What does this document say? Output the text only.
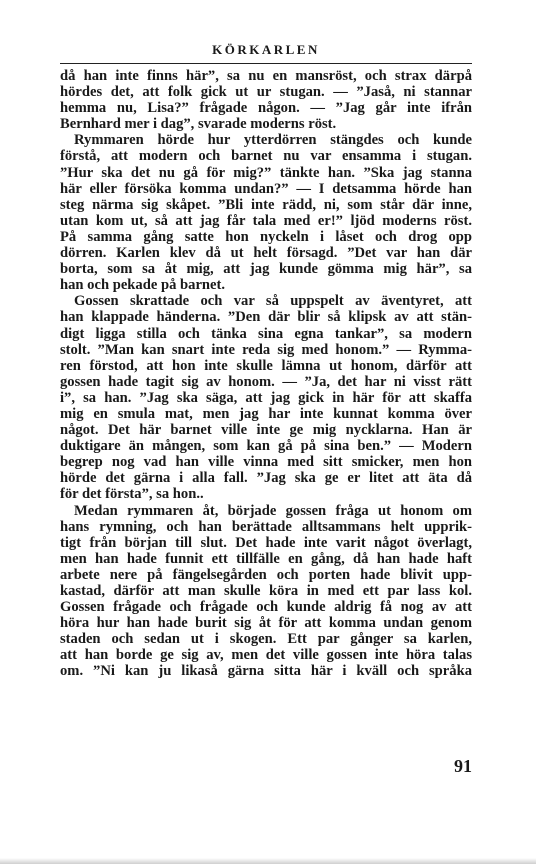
KÖRKARLEN
då han inte finns här”, sa nu en mansröst, och strax därpå
hördes det, att folk gick ut ur stugan. — ”Jaså, ni stannar
hemma nu, Lisa?” frågade någon. — ”Jag går inte ifrån
Bernhard mer i dag”, svarade moderns röst.
Rymmaren hörde hur ytterdörren stängdes och kunde
förstå, att modern och barnet nu var ensamma i stugan.
”Hur ska det nu gå för mig?” tänkte han. ”Ska jag stanna
här eller försöka komma undan?” — I detsamma hörde han
steg närma sig skåpet. ”Bli inte rädd, ni, som står där inne,
utan kom ut, så att jag får tala med er!” ljöd moderns röst.
På samma gång satte hon nyckeln i låset och drog opp
dörren. Karlen klev då ut helt försagd. ”Det var han där
borta, som sa åt mig, att jag kunde gömma mig här”, sa
han och pekade på barnet.
Gossen skrattade och var så uppspelt av äventyret, att
han klappade händerna. ”Den där blir så klipsk av att stän-
digt ligga stilla och tänka sina egna tankar”, sa modern
stolt. ”Man kan snart inte reda sig med honom.” — Rymma-
ren förstod, att hon inte skulle lämna ut honom, därför att
gossen hade tagit sig av honom. — ”Ja, det har ni visst rätt
i”, sa han. ”Jag ska säga, att jag gick in här för att skaffa
mig en smula mat, men jag har inte kunnat komma över
något. Det här barnet ville inte ge mig nycklarna. Han är
duktigare än mången, som kan gå på sina ben.” — Modern
begrep nog vad han ville vinna med sitt smicker, men hon
hörde det gärna i alla fall. ”Jag ska ge er litet att äta då
för det första”, sa hon..
Medan rymmaren åt, började gossen fråga ut honom om
hans rymning, och han berättade alltsammans helt upprik-
tigt från början till slut. Det hade inte varit något överlagt,
men han hade funnit ett tillfälle en gång, då han hade haft
arbete nere på fängelsegården och porten hade blivit upp-
kastad, därför att man skulle köra in med ett par lass kol.
Gossen frågade och frågade och kunde aldrig få nog av att
höra hur han hade burit sig åt för att komma undan genom
staden och sedan ut i skogen. Ett par gånger sa karlen,
att han borde ge sig av, men det ville gossen inte höra talas
om. ”Ni kan ju likaså gärna sitta här i kväll och språka
91
